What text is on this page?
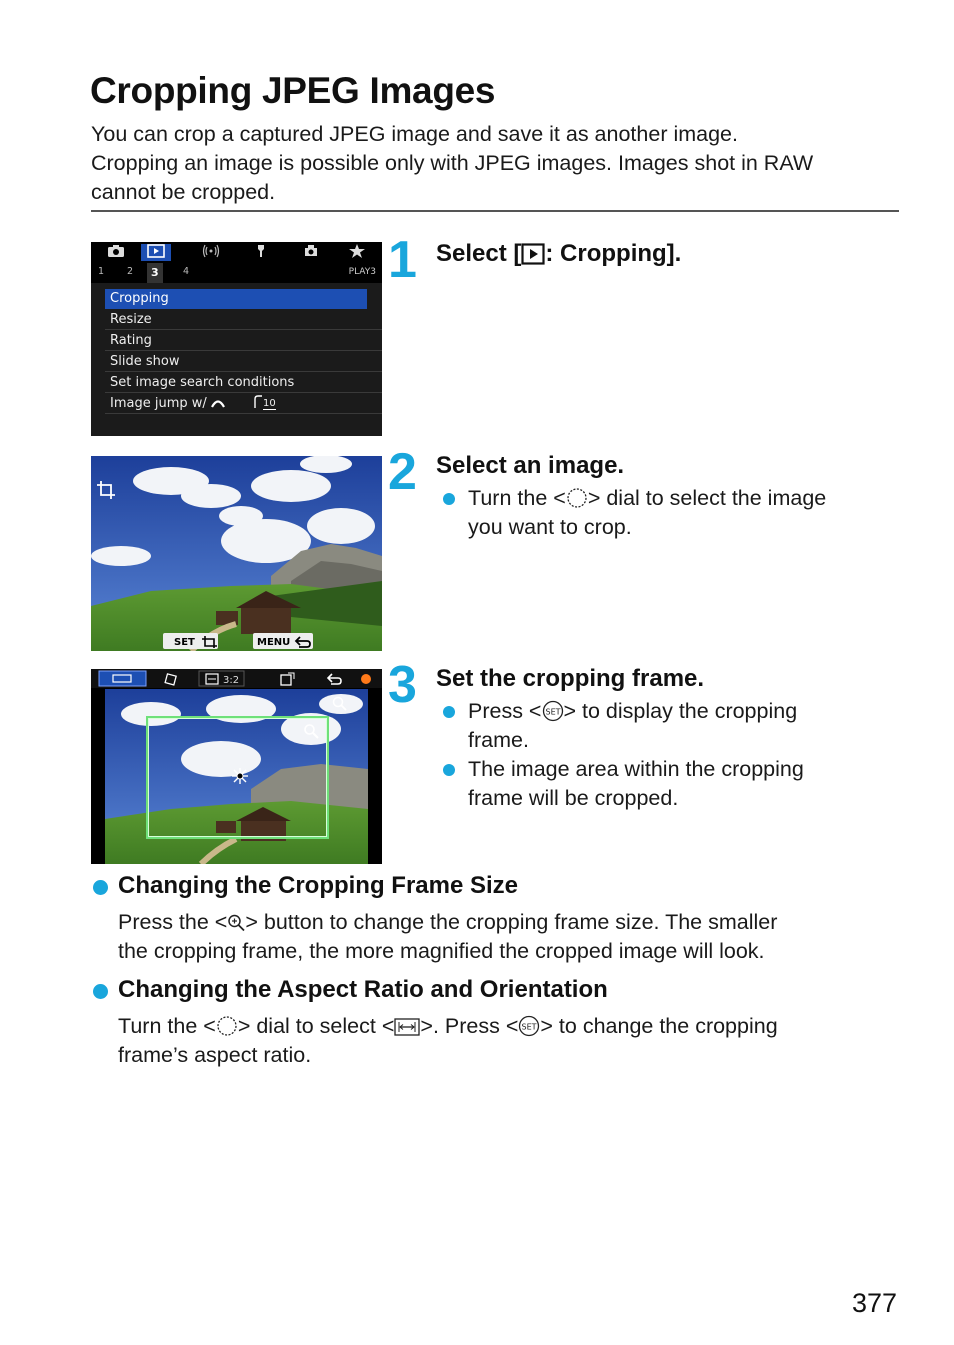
Cropping JPEG Images
You can crop a captured JPEG image and save it as another image.
Cropping an image is possible only with JPEG images. Images shot in RAW
cannot be cropped.
1 2	3	4	PLAY3
Cropping
Resize
Rating
Slide show
Set image search conditions
Image jump w/	10
1 Select [ : Cropping].
SET	MENU
2 Select an image.
Turn the < > dial to select the image
you want to crop.
3:2	3 Set the cropping frame.
Press < SET > to display the cropping
frame.
The image area within the cropping
frame will be cropped.
Changing the Cropping Frame Size
Press the < > button to change the cropping frame size. The smaller
the cropping frame, the more magnified the cropped image will look.
Changing the Aspect Ratio and Orientation
Turn the < > dial to select < >. Press < SET > to change the cropping
frame’s aspect ratio.
377
